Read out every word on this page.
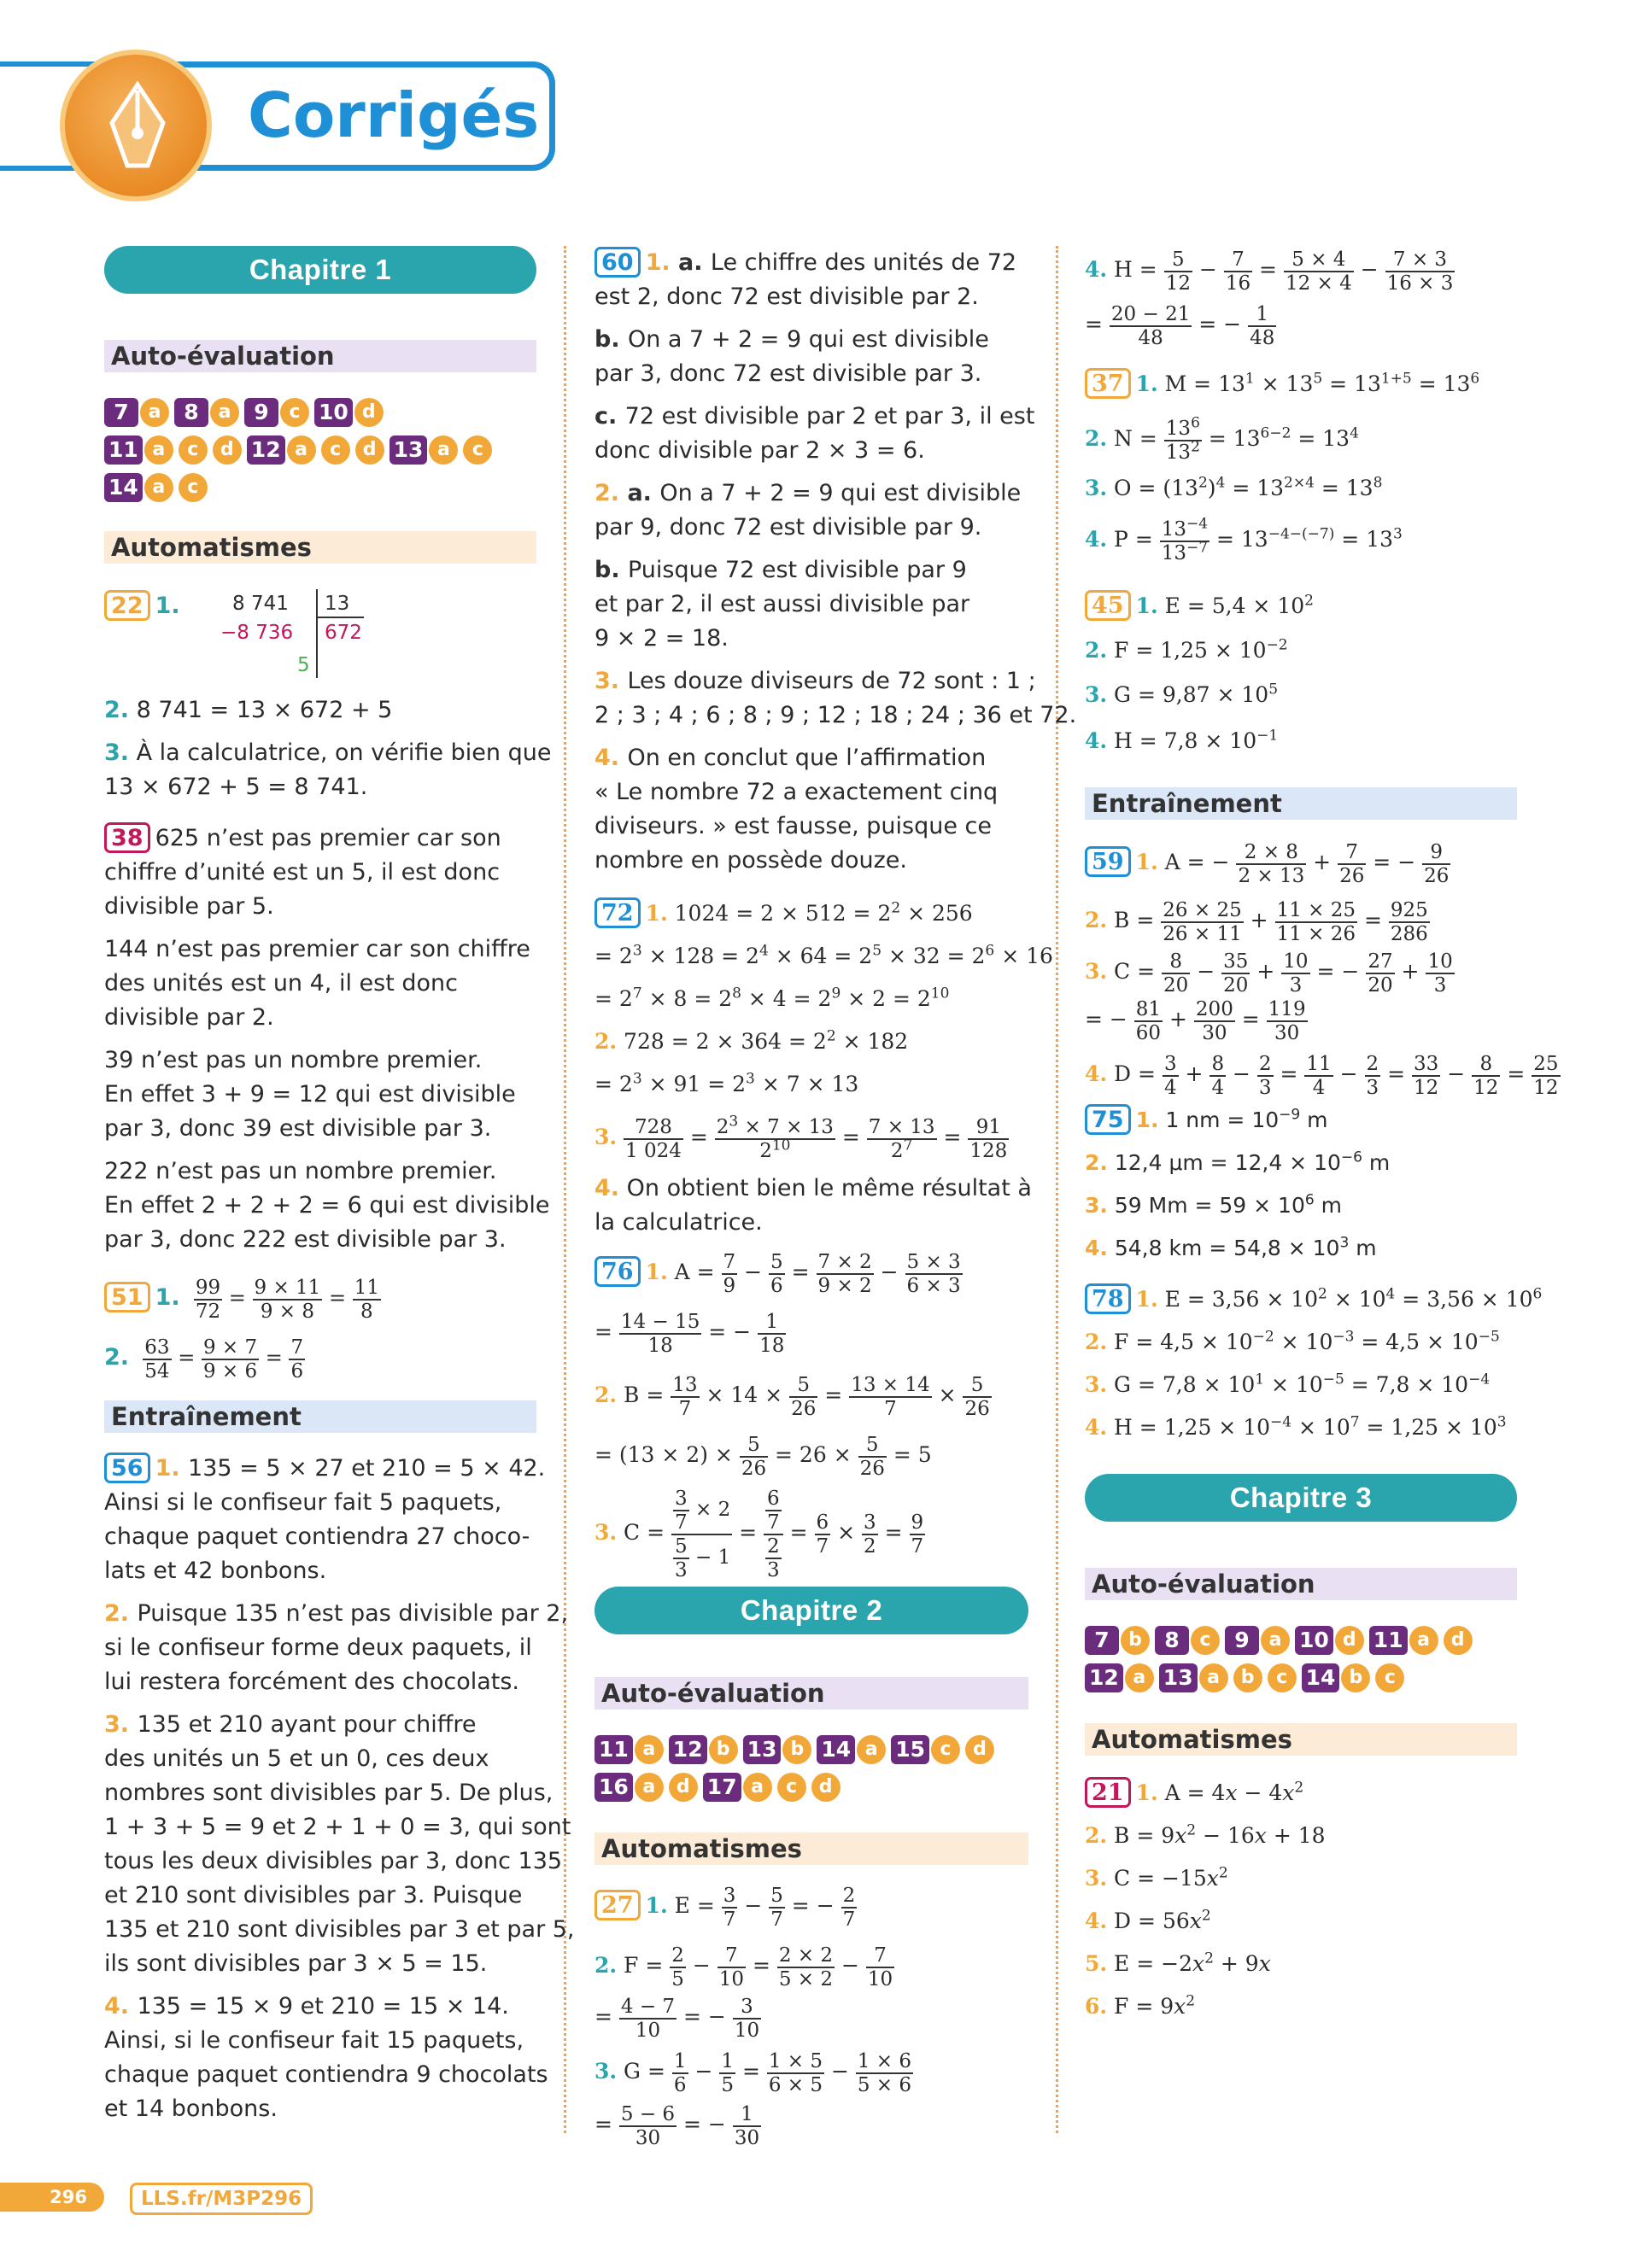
Corrigés
Chapitre 1
Auto-évaluation
7 a 8 a 9 c 10 d
11 a c d 12 a c d 13 a c
14 a c
Automatismes
22 1.	8 741 13
−8 736 672
5
2. 8 741 = 13 × 672 + 5
3. À la calculatrice, on vérifie bien que
13 × 672 + 5 = 8 741.
38 625 n’est pas premier car son
chiffre d’unité est un 5, il est donc
divisible par 5.
144 n’est pas premier car son chiffre
des unités est un 4, il est donc
divisible par 2.
39 n’est pas un nombre premier.
En effet 3 + 9 = 12 qui est divisible
par 3, donc 39 est divisible par 3.
222 n’est pas un nombre premier.
En effet 2 + 2 + 2 = 6 qui est divisible
par 3, donc 222 est divisible par 3.
51 1. $\frac{99}{72} = \frac{9 \times 11}{9 \times 8} = \frac{11}{8}$
2. $\frac{63}{54} = \frac{9 \times 7}{9 \times 6} = \frac{7}{6}$
Entraînement
56 1. 135 = 5 × 27 et 210 = 5 × 42.
Ainsi si le confiseur fait 5 paquets,
chaque paquet contiendra 27 choco-
lats et 42 bonbons.
2. Puisque 135 n’est pas divisible par 2,
si le confiseur forme deux paquets, il
lui restera forcément des chocolats.
3. 135 et 210 ayant pour chiffre
des unités un 5 et un 0, ces deux
nombres sont divisibles par 5. De plus,
1 + 3 + 5 = 9 et 2 + 1 + 0 = 3, qui sont
tous les deux divisibles par 3, donc 135
et 210 sont divisibles par 3. Puisque
135 et 210 sont divisibles par 3 et par 5,
ils sont divisibles par 3 × 5 = 15.
4. 135 = 15 × 9 et 210 = 15 × 14.
Ainsi, si le confiseur fait 15 paquets,
chaque paquet contiendra 9 chocolats
et 14 bonbons.
60 1. a. Le chiffre des unités de 72
est 2, donc 72 est divisible par 2.
b. On a 7 + 2 = 9 qui est divisible
par 3, donc 72 est divisible par 3.
c. 72 est divisible par 2 et par 3, il est
donc divisible par 2 × 3 = 6.
2. a. On a 7 + 2 = 9 qui est divisible
par 9, donc 72 est divisible par 9.
b. Puisque 72 est divisible par 9
et par 2, il est aussi divisible par
9 × 2 = 18.
3. Les douze diviseurs de 72 sont : 1 ;
2 ; 3 ; 4 ; 6 ; 8 ; 9 ; 12 ; 18 ; 24 ; 36 et 72.
4. On en conclut que l’affirmation
« Le nombre 72 a exactement cinq
diviseurs. » est fausse, puisque ce
nombre en possède douze.
72 1. $1024 = 2 \times 512 = 2^2 \times 256$
= $2^3 \times 128 = 2^4 \times 64 = 2^5 \times 32 = 2^6 \times 16$
= $2^7 \times 8 = 2^8 \times 4 = 2^9 \times 2 = 2^{10}$
2. $728 = 2 \times 364 = 2^2 \times 182$
= $2^3 \times 91 = 2^3 \times 7 \times 13$
3. $\frac{728}{1 024} = \frac{2^3 \times 7 \times 13}{2^{10}} = \frac{7 \times 13}{2^7} = \frac{91}{128}$
4. On obtient bien le même résultat à
la calculatrice.
76 1. $A = \frac{7}{9} - \frac{5}{6} = \frac{7 \times 2}{9 \times 2} - \frac{5 \times 3}{6 \times 3}$
= $\frac{14 - 15}{18}$ = − $\frac{1}{18}$
2. $B = \frac{13}{7} \times 14 \times \frac{5}{26} = \frac{13 \times 14}{7} \times \frac{5}{26}$
= $(13 \times 2) \times \frac{5}{26} = 26 \times \frac{5}{26} = 5$
3. $C = \frac{\frac{3}{7} \times 2}{\frac{5}{3} - 1} = \frac{\frac{6}{7}}{\frac{2}{3}} = \frac{6}{7} \times \frac{3}{2} = \frac{9}{7}$
Chapitre 2
Auto-évaluation
11 a 12 b 13 b 14 a 15 c d
16 a d 17 a c d
Automatismes
27 1. $E = \frac{3}{7} - \frac{5}{7}$ = − $\frac{2}{7}$
2. $F = \frac{2}{5} - \frac{7}{10} = \frac{2 \times 2}{5 \times 2} - \frac{7}{10}$
= $\frac{4 - 7}{10}$ = − $\frac{3}{10}$
3. $G = \frac{1}{6} - \frac{1}{5} = \frac{1 \times 5}{6 \times 5} - \frac{1 \times 6}{5 \times 6}$
= $\frac{5 - 6}{30}$ = − $\frac{1}{30}$
4. $H = \frac{5}{12} - \frac{7}{16} = \frac{5 \times 4}{12 \times 4} - \frac{7 \times 3}{16 \times 3}$
= $\frac{20 - 21}{48}$ = − $\frac{1}{48}$
37 1. $M = 13^1 \times 13^5 = 13^{1+5} = 13^6$
2. $N = \frac{13^6}{13^2} = 13^{6-2} = 13^4$
3. $O = (13^2)^4 = 13^{2\times 4} = 13^8$
4. $P = \frac{13^{-4}}{13^{-7}} = 13^{-4-(-7)} = 13^3$
45 1. $E = 5,4 \times 10^2$
2. $F = 1,25 \times 10^{-2}$
3. $G = 9,87 \times 10^5$
4. $H = 7,8 \times 10^{-1}$
Entraînement
59 1. A = − $\frac{2 \times 8}{2 \times 13} + \frac{7}{26}$ = − $\frac{9}{26}$
2. $B = \frac{26 \times 25}{26 \times 11} + \frac{11 \times 25}{11 \times 26} = \frac{925}{286}$
3. $C = \frac{8}{20} - \frac{35}{20} + \frac{10}{3}$ = − $\frac{27}{20} + \frac{10}{3}$
= − $\frac{81}{60} + \frac{200}{30} = \frac{119}{30}$
4. $D = \frac{3}{4} + \frac{8}{4} - \frac{2}{3} = \frac{11}{4} - \frac{2}{3} = \frac{33}{12} - \frac{8}{12} = \frac{25}{12}$
75 1. 1 nm = $10^{-9}$ m
2. 12,4 $\mu m = 12,4 \times 10^{-6}$ m
3. 59 $Mm = 59 \times 10^6$ m
4. 54,8 km = $54,8 \times 10^3$ m
78 1. $E = 3,56 \times 10^2 \times 10^4 = 3,56 \times 10^6$
2. $F = 4,5 \times 10^{-2} \times 10^{-3} = 4,5 \times 10^{-5}$
3. $G = 7,8 \times 10^1 \times 10^{-5} = 7,8 \times 10^{-4}$
4. $H = 1,25 \times 10^{-4} \times 10^7 = 1,25 \times 10^3$
Chapitre 3
Auto-évaluation
7 b 8 c 9 a 10 d 11 a d
12 a 13 a b c 14 b c
Automatismes
21 1. $A = 4x - 4x^2$
2. $B = 9x^2 - 16x + 18$
3. $C = -15x^2$
4. $D = 56x^2$
5. $E = -2x^2 + 9x$
6. $F = 9x^2$
296	LLS.fr/M3P296
